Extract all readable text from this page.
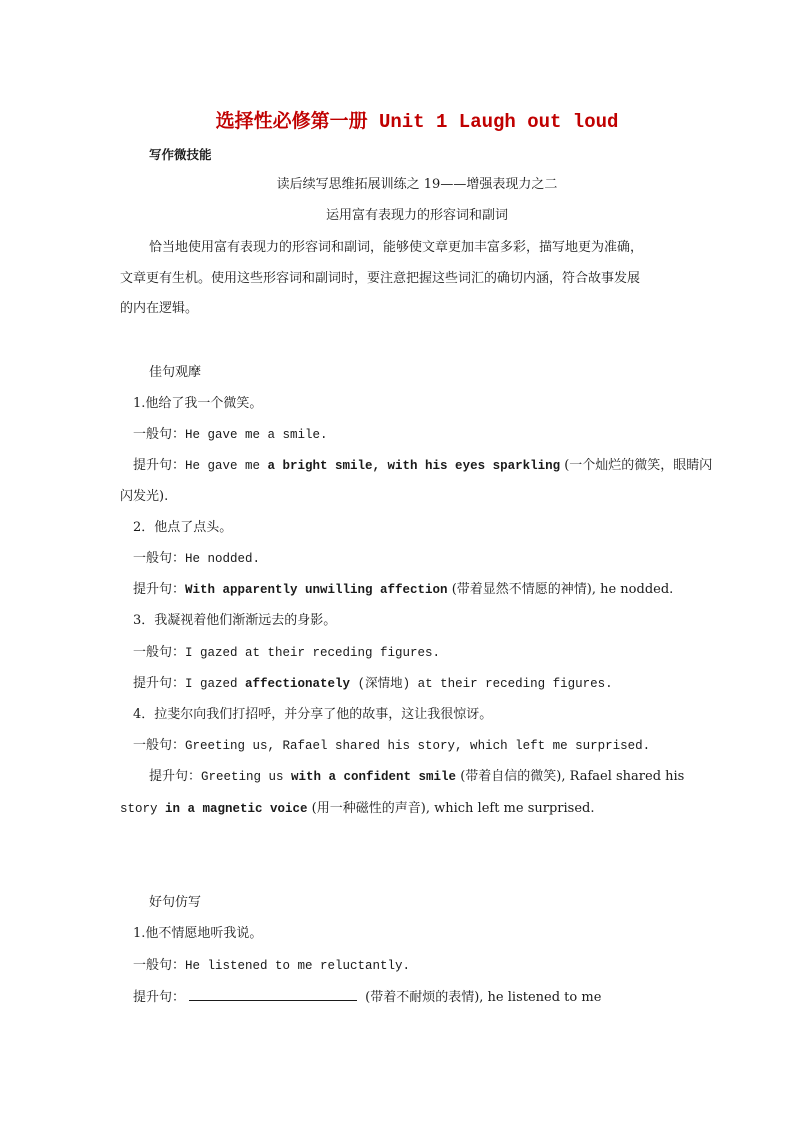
选择性必修第一册 Unit 1 Laugh out loud
写作微技能
读后续写思维拓展训练之 19——增强表现力之二
运用富有表现力的形容词和副词
恰当地使用富有表现力的形容词和副词，能够使文章更加丰富多彩，描写地更为准确，
文章更有生机。使用这些形容词和副词时，要注意把握这些词汇的确切内涵，符合故事发展
的内在逻辑。
佳句观摩
1.他给了我一个微笑。
一般句：He gave me a smile.
提升句：He gave me a bright smile, with his eyes sparkling (一个灿烂的微笑，眼睛闪
闪发光).
2．他点了点头。
一般句：He nodded.
提升句：With apparently unwilling affection (带着显然不情愿的神情), he nodded.
3．我凝视着他们渐渐远去的身影。
一般句：I gazed at their receding figures.
提升句：I gazed affectionately (深情地) at their receding figures.
4．拉斐尔向我们打招呼，并分享了他的故事，这让我很惊讶。
一般句：Greeting us, Rafael shared his story, which left me surprised.
提升句：Greeting us with a confident smile (带着自信的微笑), Rafael shared his
story in a magnetic voice (用一种磁性的声音), which left me surprised.
好句仿写
1.他不情愿地听我说。
一般句：He listened to me reluctantly.
提升句：	(带着不耐烦的表情), he listened to me
